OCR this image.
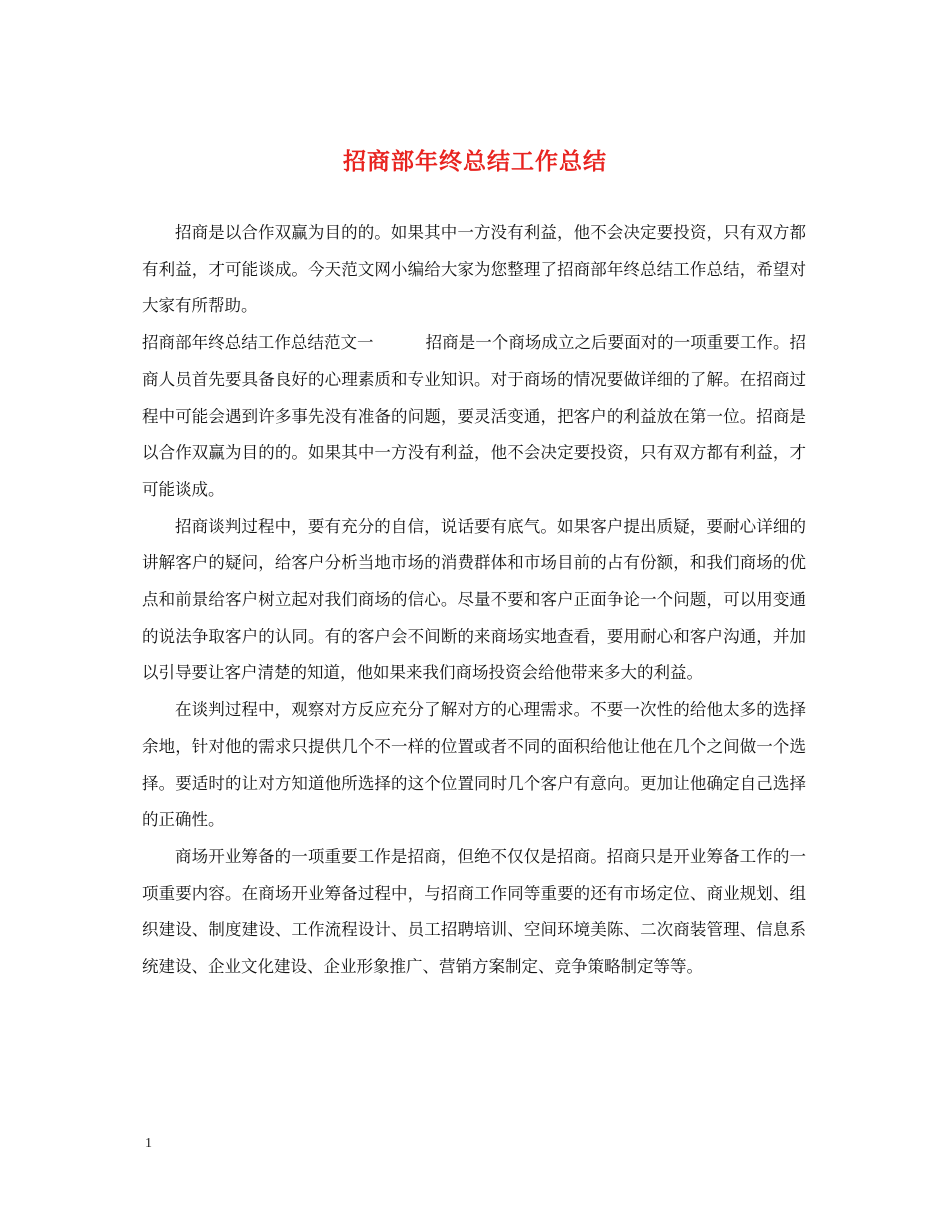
招商部年终总结工作总结

招商是以合作双赢为目的的。如果其中一方没有利益，他不会决定要投资，只有双方都有利益，才可能谈成。今天范文网小编给大家为您整理了招商部年终总结工作总结，希望对大家有所帮助。

招商部年终总结工作总结范文一	招商是一个商场成立之后要面对的一项重要工作。招商人员首先要具备良好的心理素质和专业知识。对于商场的情况要做详细的了解。在招商过程中可能会遇到许多事先没有准备的问题，要灵活变通，把客户的利益放在第一位。招商是以合作双赢为目的的。如果其中一方没有利益，他不会决定要投资，只有双方都有利益，才可能谈成。

招商谈判过程中，要有充分的自信，说话要有底气。如果客户提出质疑，要耐心详细的讲解客户的疑问，给客户分析当地市场的消费群体和市场目前的占有份额，和我们商场的优点和前景给客户树立起对我们商场的信心。尽量不要和客户正面争论一个问题，可以用变通的说法争取客户的认同。有的客户会不间断的来商场实地查看，要用耐心和客户沟通，并加以引导要让客户清楚的知道，他如果来我们商场投资会给他带来多大的利益。

在谈判过程中，观察对方反应充分了解对方的心理需求。不要一次性的给他太多的选择余地，针对他的需求只提供几个不一样的位置或者不同的面积给他让他在几个之间做一个选择。要适时的让对方知道他所选择的这个位置同时几个客户有意向。更加让他确定自己选择的正确性。

商场开业筹备的一项重要工作是招商，但绝不仅仅是招商。招商只是开业筹备工作的一项重要内容。在商场开业筹备过程中，与招商工作同等重要的还有市场定位、商业规划、组织建设、制度建设、工作流程设计、员工招聘培训、空间环境美陈、二次商装管理、信息系统建设、企业文化建设、企业形象推广、营销方案制定、竞争策略制定等等。

1
